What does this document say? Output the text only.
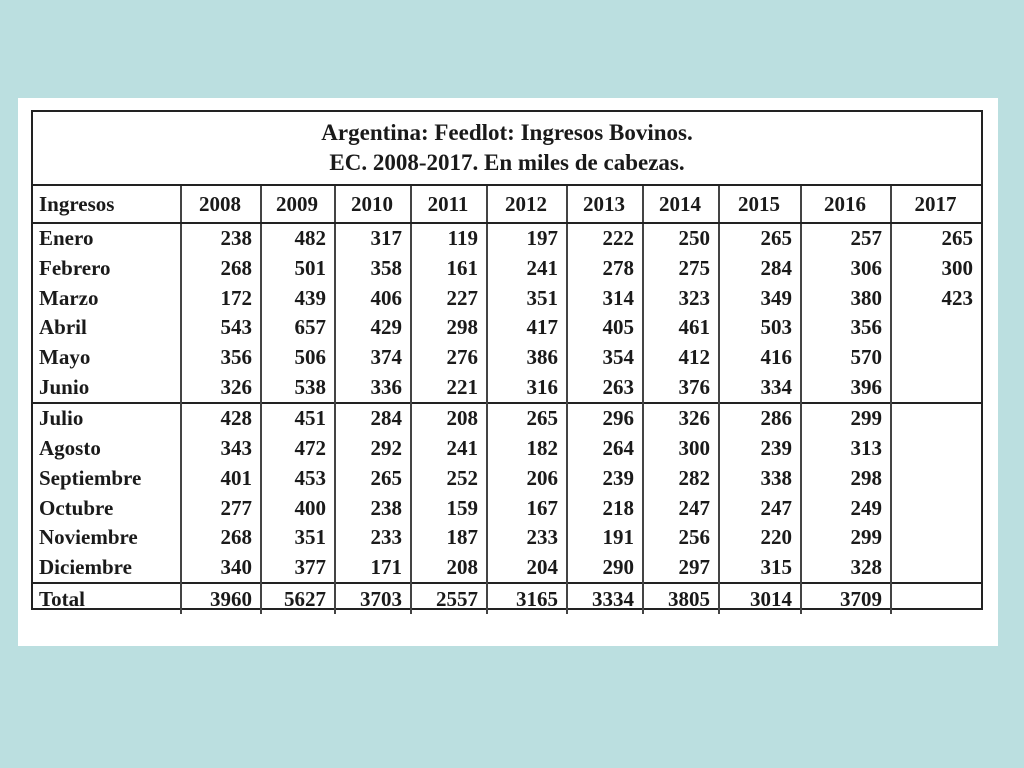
Argentina: Feedlot: Ingresos Bovinos.
EC. 2008-2017. En miles de cabezas.
Ingresos	2008	2009	2010	2011	2012	2013	2014	2015	2016	2017
Enero	238	482	317	119	197	222	250	265	257	265
Febrero	268	501	358	161	241	278	275	284	306	300
Marzo	172	439	406	227	351	314	323	349	380	423
Abril	543	657	429	298	417	405	461	503	356	
Mayo	356	506	374	276	386	354	412	416	570	
Junio	326	538	336	221	316	263	376	334	396	
Julio	428	451	284	208	265	296	326	286	299	
Agosto	343	472	292	241	182	264	300	239	313	
Septiembre	401	453	265	252	206	239	282	338	298	
Octubre	277	400	238	159	167	218	247	247	249	
Noviembre	268	351	233	187	233	191	256	220	299	
Diciembre	340	377	171	208	204	290	297	315	328	
Total	3960	5627	3703	2557	3165	3334	3805	3014	3709	
